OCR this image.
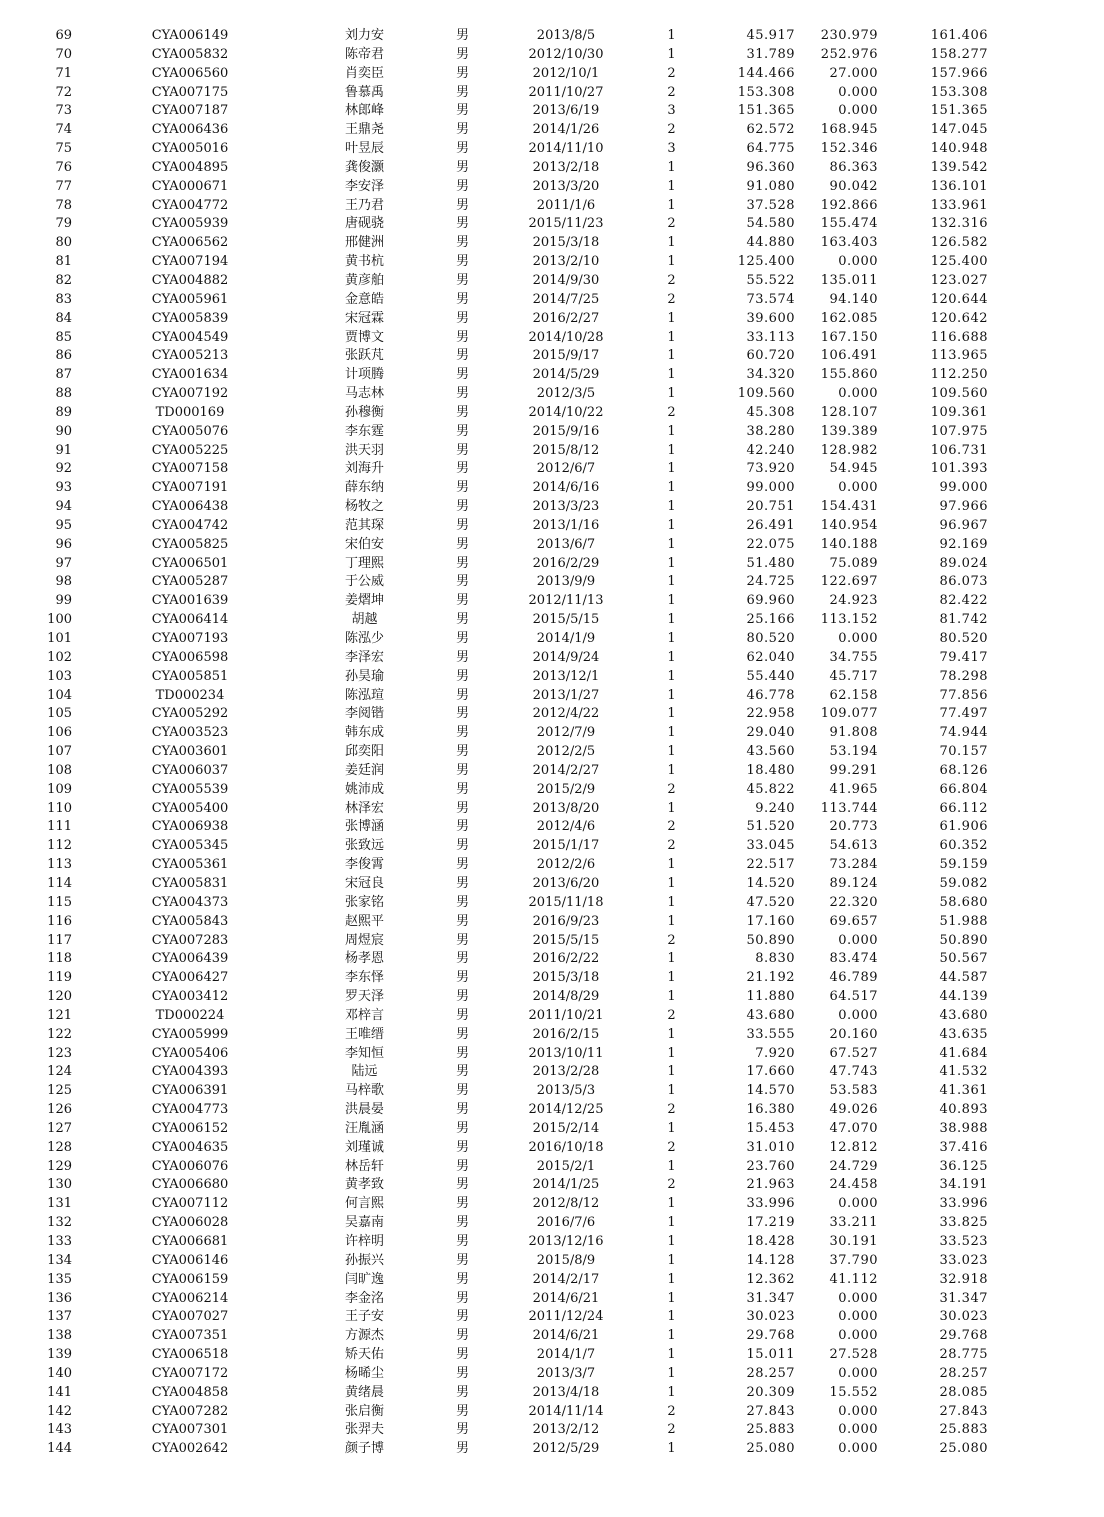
69	CYA006149	刘力安	男	2013/8/5	1	45.917	230.979	161.406	
70	CYA005832	陈帝君	男	2012/10/30	1	31.789	252.976	158.277	
71	CYA006560	肖奕臣	男	2012/10/1	2	144.466	27.000	157.966	
72	CYA007175	鲁慕禹	男	2011/10/27	2	153.308	0.000	153.308	
73	CYA007187	林郎峰	男	2013/6/19	3	151.365	0.000	151.365	
74	CYA006436	王鼎尧	男	2014/1/26	2	62.572	168.945	147.045	
75	CYA005016	叶昱辰	男	2014/11/10	3	64.775	152.346	140.948	
76	CYA004895	龚俊灏	男	2013/2/18	1	96.360	86.363	139.542	
77	CYA000671	李安泽	男	2013/3/20	1	91.080	90.042	136.101	
78	CYA004772	王乃君	男	2011/1/6	1	37.528	192.866	133.961	
79	CYA005939	唐砚骁	男	2015/11/23	2	54.580	155.474	132.316	
80	CYA006562	邢健洲	男	2015/3/18	1	44.880	163.403	126.582	
81	CYA007194	黄书杭	男	2013/2/10	1	125.400	0.000	125.400	
82	CYA004882	黄彦舶	男	2014/9/30	2	55.522	135.011	123.027	
83	CYA005961	金意皓	男	2014/7/25	2	73.574	94.140	120.644	
84	CYA005839	宋冠霖	男	2016/2/27	1	39.600	162.085	120.642	
85	CYA004549	贾博文	男	2014/10/28	1	33.113	167.150	116.688	
86	CYA005213	张跃芃	男	2015/9/17	1	60.720	106.491	113.965	
87	CYA001634	计项腾	男	2014/5/29	1	34.320	155.860	112.250	
88	CYA007192	马志林	男	2012/3/5	1	109.560	0.000	109.560	
89	TD000169	孙穆衡	男	2014/10/22	2	45.308	128.107	109.361	
90	CYA005076	李东霆	男	2015/9/16	1	38.280	139.389	107.975	
91	CYA005225	洪天羽	男	2015/8/12	1	42.240	128.982	106.731	
92	CYA007158	刘海升	男	2012/6/7	1	73.920	54.945	101.393	
93	CYA007191	薛东纳	男	2014/6/16	1	99.000	0.000	99.000	
94	CYA006438	杨牧之	男	2013/3/23	1	20.751	154.431	97.966	
95	CYA004742	范其琛	男	2013/1/16	1	26.491	140.954	96.967	
96	CYA005825	宋伯安	男	2013/6/7	1	22.075	140.188	92.169	
97	CYA006501	丁理熙	男	2016/2/29	1	51.480	75.089	89.024	
98	CYA005287	于公威	男	2013/9/9	1	24.725	122.697	86.073	
99	CYA001639	姜熠坤	男	2012/11/13	1	69.960	24.923	82.422	
100	CYA006414	胡越	男	2015/5/15	1	25.166	113.152	81.742	
101	CYA007193	陈泓少	男	2014/1/9	1	80.520	0.000	80.520	
102	CYA006598	李泽宏	男	2014/9/24	1	62.040	34.755	79.417	
103	CYA005851	孙昊瑜	男	2013/12/1	1	55.440	45.717	78.298	
104	TD000234	陈泓瑄	男	2013/1/27	1	46.778	62.158	77.856	
105	CYA005292	李阅锴	男	2012/4/22	1	22.958	109.077	77.497	
106	CYA003523	韩东成	男	2012/7/9	1	29.040	91.808	74.944	
107	CYA003601	邱奕阳	男	2012/2/5	1	43.560	53.194	70.157	
108	CYA006037	姜廷润	男	2014/2/27	1	18.480	99.291	68.126	
109	CYA005539	姚沛成	男	2015/2/9	2	45.822	41.965	66.804	
110	CYA005400	林泽宏	男	2013/8/20	1	9.240	113.744	66.112	
111	CYA006938	张博涵	男	2012/4/6	2	51.520	20.773	61.906	
112	CYA005345	张致远	男	2015/1/17	2	33.045	54.613	60.352	
113	CYA005361	李俊霄	男	2012/2/6	1	22.517	73.284	59.159	
114	CYA005831	宋冠良	男	2013/6/20	1	14.520	89.124	59.082	
115	CYA004373	张家铭	男	2015/11/18	1	47.520	22.320	58.680	
116	CYA005843	赵熙平	男	2016/9/23	1	17.160	69.657	51.988	
117	CYA007283	周煜宸	男	2015/5/15	2	50.890	0.000	50.890	
118	CYA006439	杨孝恩	男	2016/2/22	1	8.830	83.474	50.567	
119	CYA006427	李东怿	男	2015/3/18	1	21.192	46.789	44.587	
120	CYA003412	罗天泽	男	2014/8/29	1	11.880	64.517	44.139	
121	TD000224	邓梓言	男	2011/10/21	2	43.680	0.000	43.680	
122	CYA005999	王唯缙	男	2016/2/15	1	33.555	20.160	43.635	
123	CYA005406	李知恒	男	2013/10/11	1	7.920	67.527	41.684	
124	CYA004393	陆远	男	2013/2/28	1	17.660	47.743	41.532	
125	CYA006391	马梓歌	男	2013/5/3	1	14.570	53.583	41.361	
126	CYA004773	洪晨晏	男	2014/12/25	2	16.380	49.026	40.893	
127	CYA006152	汪胤涵	男	2015/2/14	1	15.453	47.070	38.988	
128	CYA004635	刘瑾诚	男	2016/10/18	2	31.010	12.812	37.416	
129	CYA006076	林岳轩	男	2015/2/1	1	23.760	24.729	36.125	
130	CYA006680	黄孝致	男	2014/1/25	2	21.963	24.458	34.191	
131	CYA007112	何言熙	男	2012/8/12	1	33.996	0.000	33.996	
132	CYA006028	吴嘉南	男	2016/7/6	1	17.219	33.211	33.825	
133	CYA006681	许梓明	男	2013/12/16	1	18.428	30.191	33.523	
134	CYA006146	孙振兴	男	2015/8/9	1	14.128	37.790	33.023	
135	CYA006159	闫旷逸	男	2014/2/17	1	12.362	41.112	32.918	
136	CYA006214	李金洺	男	2014/6/21	1	31.347	0.000	31.347	
137	CYA007027	王子安	男	2011/12/24	1	30.023	0.000	30.023	
138	CYA007351	方源杰	男	2014/6/21	1	29.768	0.000	29.768	
139	CYA006518	矫天佑	男	2014/1/7	1	15.011	27.528	28.775	
140	CYA007172	杨晞尘	男	2013/3/7	1	28.257	0.000	28.257	
141	CYA004858	黄绪晨	男	2013/4/18	1	20.309	15.552	28.085	
142	CYA007282	张启衡	男	2014/11/14	2	27.843	0.000	27.843	
143	CYA007301	张羿夫	男	2013/2/12	2	25.883	0.000	25.883	
144	CYA002642	颜子博	男	2012/5/29	1	25.080	0.000	25.080	
